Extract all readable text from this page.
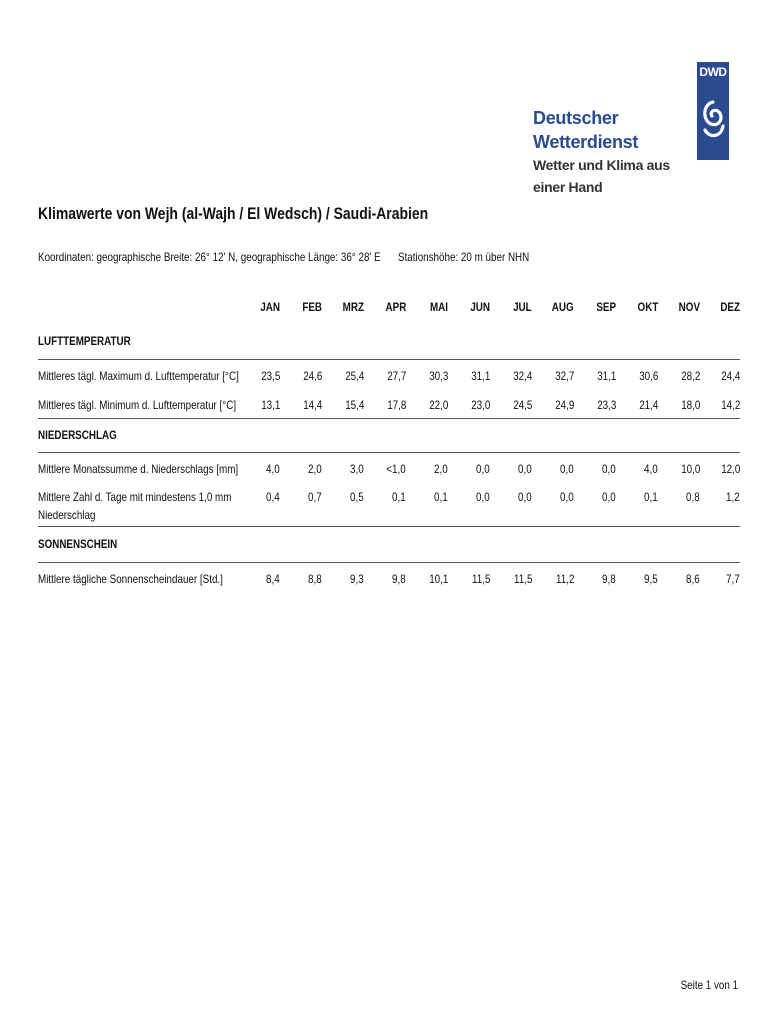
Deutscher Wetterdienst
Wetter und Klima aus einer Hand
DWD
Klimawerte von Wejh (al-Wajh / El Wedsch) / Saudi-Arabien
Koordinaten: geographische Breite: 26° 12' N, geographische Länge: 36° 28' E	Stationshöhe: 20 m über NHN
JAN	FEB	MRZ	APR	MAI	JUN	JUL	AUG	SEP	OKT	NOV	DEZ
LUFTTEMPERATUR
Mittleres tägl. Maximum d. Lufttemperatur [°C]	23,5	24,6	25,4	27,7	30,3	31,1	32,4	32,7	31,1	30,6	28,2	24,4
Mittleres tägl. Minimum d. Lufttemperatur [°C]	13,1	14,4	15,4	17,8	22,0	23,0	24,5	24,9	23,3	21,4	18,0	14,2
NIEDERSCHLAG
Mittlere Monatssumme d. Niederschlags [mm]	4,0	2,0	3,0	<1,0	2,0	0,0	0,0	0,0	0,0	4,0	10,0	12,0
Mittlere Zahl d. Tage mit mindestens 1,0 mm
Niederschlag
0,4	0,7	0,5	0,1	0,1	0,0	0,0	0,0	0,0	0,1	0,8	1,2
SONNENSCHEIN
Mittlere tägliche Sonnenscheindauer [Std.]	8,4	8,8	9,3	9,8	10,1	11,5	11,5	11,2	9,8	9,5	8,6	7,7
Seite 1 von 1
